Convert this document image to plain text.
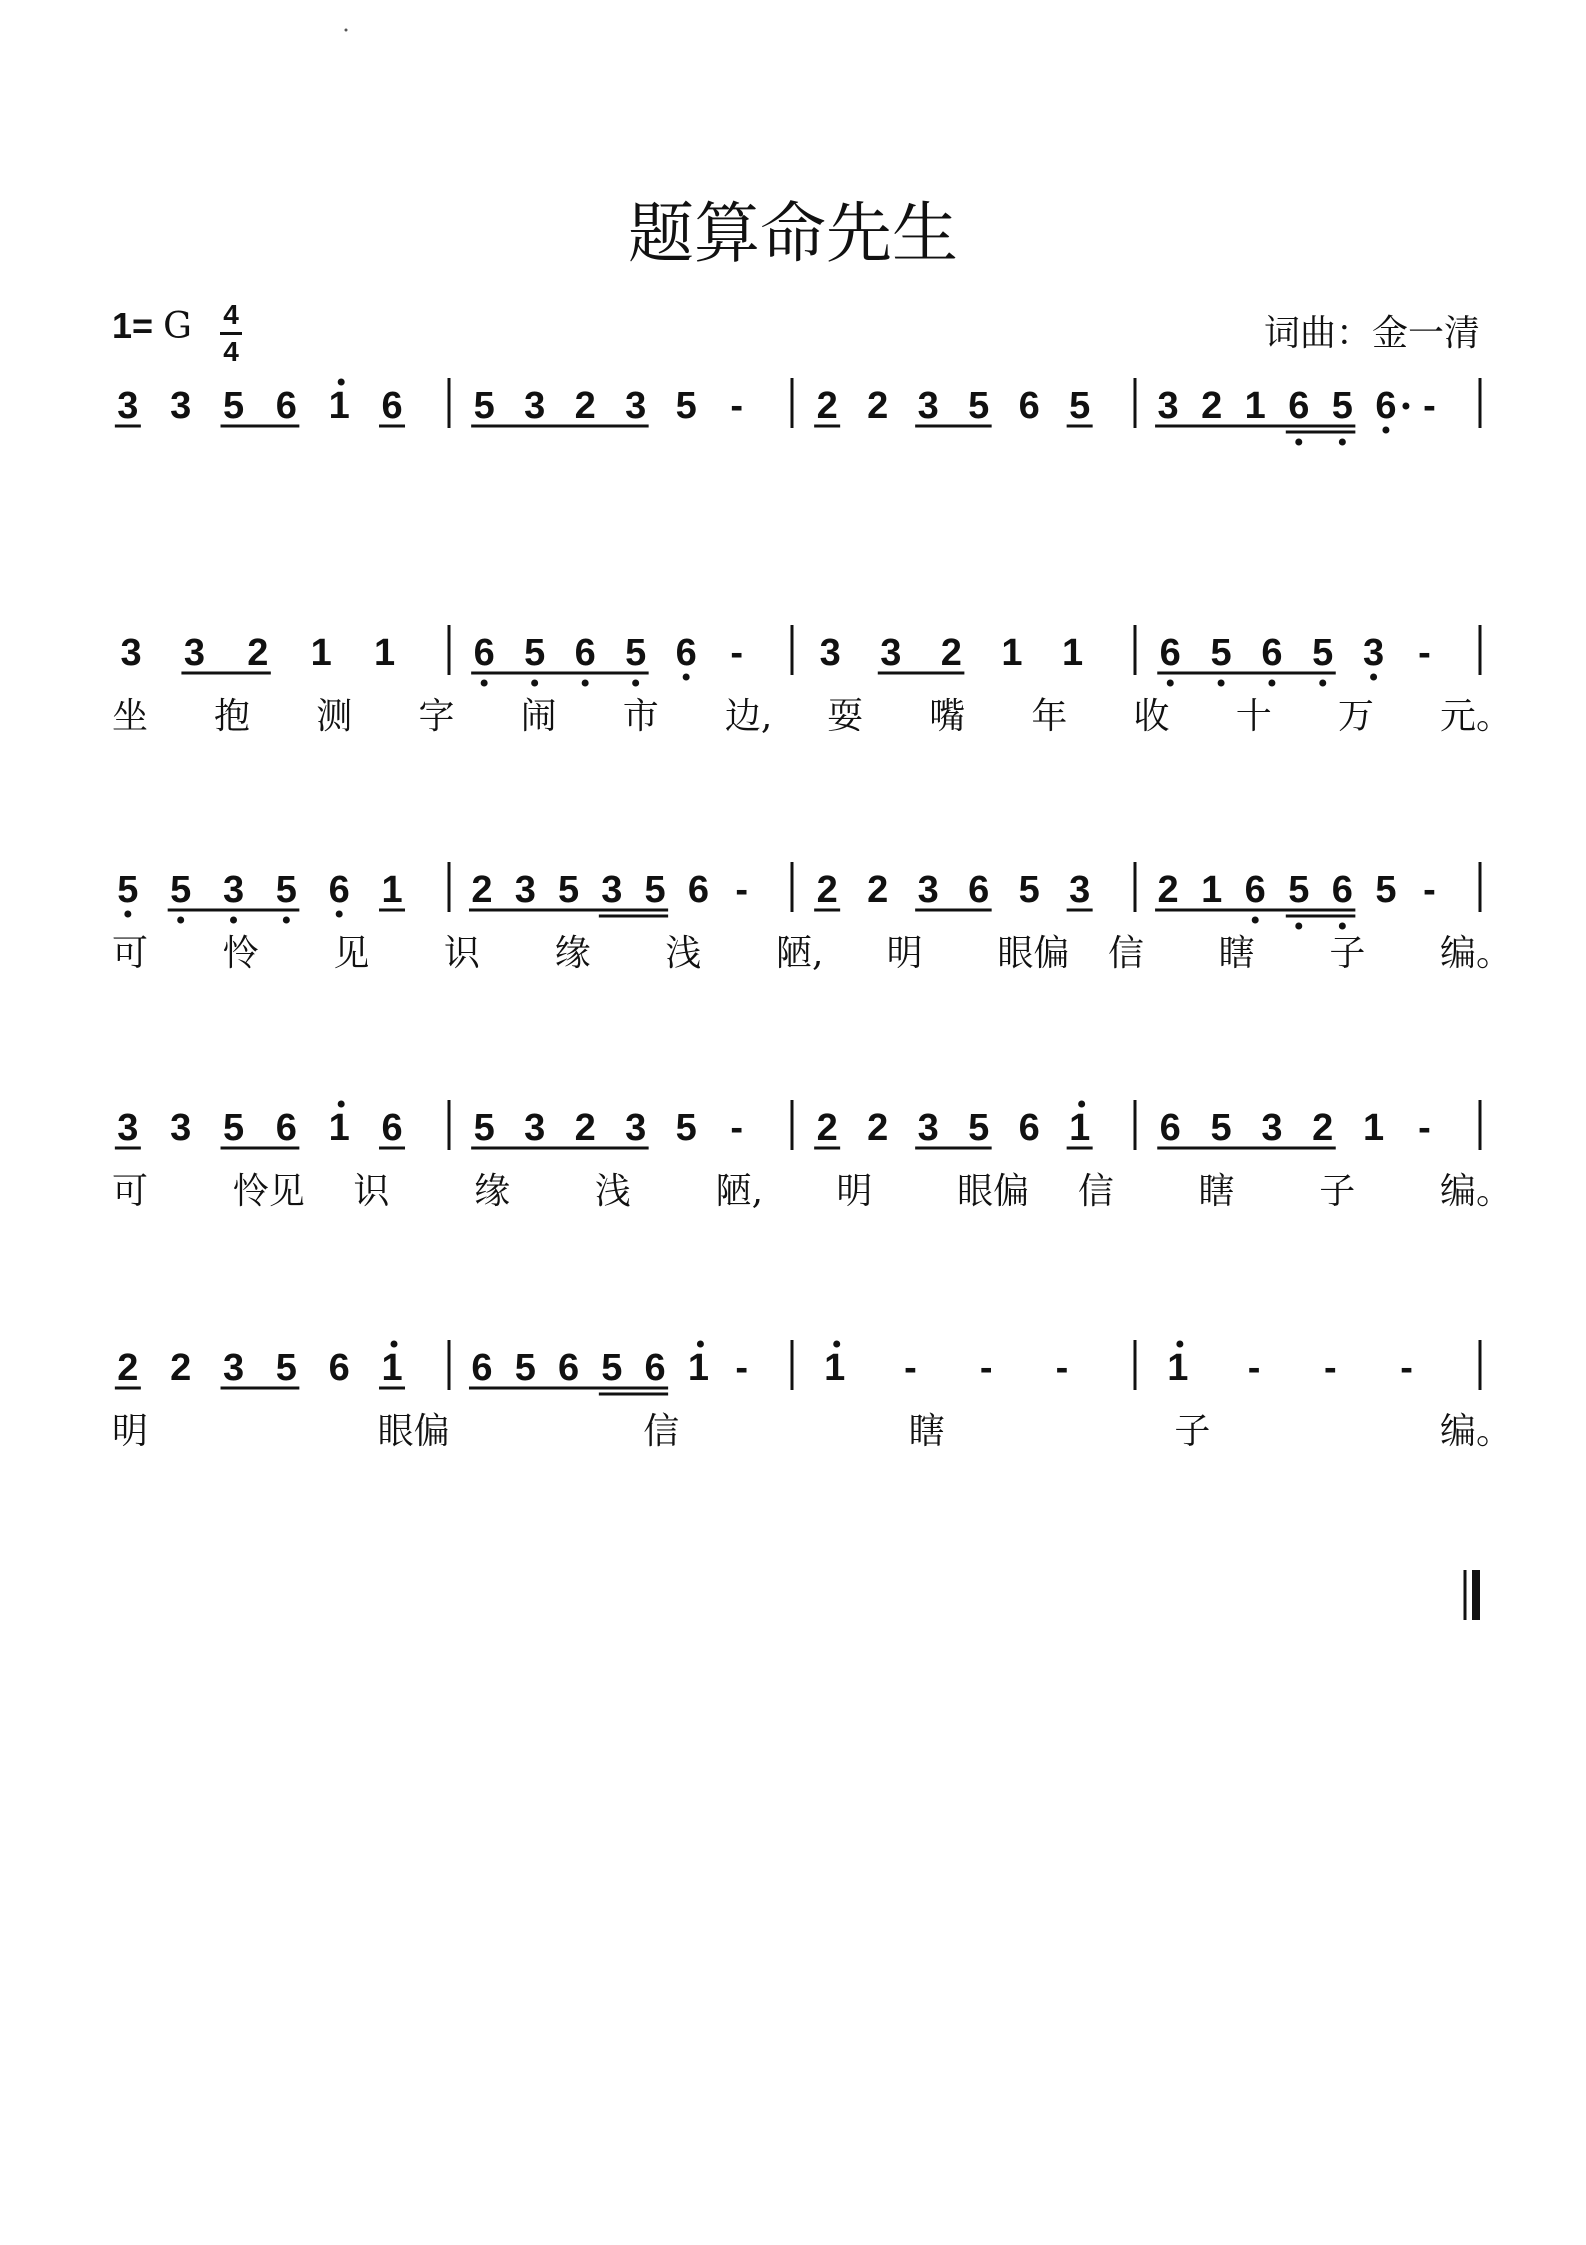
题算命先生
1= G 4
4	词曲：金一清
3 3 5 6 1 6 5 3 2 3 5 - 2 2 3 5 6 5 3 2 1 6 5 6 -
3 3 2 1 1 6 5 6 5 6 - 3 3 2 1 1 6 5 6 5 3 -
坐 抱 测 字 闹 市 边, 耍 嘴 年 收 十 万 元。
5 5 3 5 6 1 2 3 5 3 5 6 - 2 2 3 6 5 3 2 1 6 5 6 5 -
可 怜 见 识 缘 浅 陋, 明 眼偏 信 瞎 子 编。
3 3 5 6 1 6 5 3 2 3 5 - 2 2 3 5 6 1 6 5 3 2 1 -
可 怜见 识 缘 浅 陋, 明 眼偏 信 瞎 子 编。
2 2 3 5 6 1 6 5 6 5 6 1 - 1 - - -	1 - - -
明	眼偏	信	瞎	子	编。
